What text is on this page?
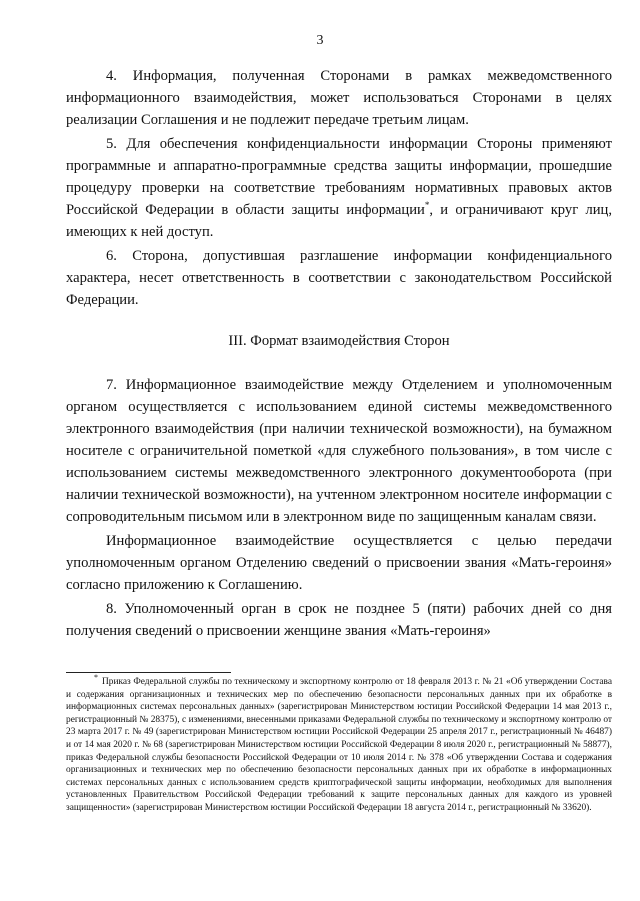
3

4. Информация, полученная Сторонами в рамках межведомственного информационного взаимодействия, может использоваться Сторонами в целях реализации Соглашения и не подлежит передаче третьим лицам.

5. Для обеспечения конфиденциальности информации Стороны применяют программные и аппаратно-программные средства защиты информации, прошедшие процедуру проверки на соответствие требованиям нормативных правовых актов Российской Федерации в области защиты информации*, и ограничивают круг лиц, имеющих к ней доступ.

6. Сторона, допустившая разглашение информации конфиденциального характера, несет ответственность в соответствии с законодательством Российской Федерации.

III. Формат взаимодействия Сторон

7. Информационное взаимодействие между Отделением и уполномоченным органом осуществляется с использованием единой системы межведомственного электронного взаимодействия (при наличии технической возможности), на бумажном носителе с ограничительной пометкой «для служебного пользования», в том числе с использованием системы межведомственного электронного документооборота (при наличии технической возможности), на учтенном электронном носителе информации с сопроводительным письмом или в электронном виде по защищенным каналам связи.

Информационное взаимодействие осуществляется с целью передачи уполномоченным органом Отделению сведений о присвоении звания «Мать-героиня» согласно приложению к Соглашению.

8. Уполномоченный орган в срок не позднее 5 (пяти) рабочих дней со дня получения сведений о присвоении женщине звания «Мать-героиня»

* Приказ Федеральной службы по техническому и экспортному контролю от 18 февраля 2013 г. № 21 «Об утверждении Состава и содержания организационных и технических мер по обеспечению безопасности персональных данных при их обработке в информационных системах персональных данных» (зарегистрирован Министерством юстиции Российской Федерации 14 мая 2013 г., регистрационный № 28375), с изменениями, внесенными приказами Федеральной службы по техническому и экспортному контролю от 23 марта 2017 г. № 49 (зарегистрирован Министерством юстиции Российской Федерации 25 апреля 2017 г., регистрационный № 46487) и от 14 мая 2020 г. № 68 (зарегистрирован Министерством юстиции Российской Федерации 8 июля 2020 г., регистрационный № 58877), приказ Федеральной службы безопасности Российской Федерации от 10 июля 2014 г. № 378 «Об утверждении Состава и содержания организационных и технических мер по обеспечению безопасности персональных данных при их обработке в информационных системах персональных данных с использованием средств криптографической защиты информации, необходимых для выполнения установленных Правительством Российской Федерации требований к защите персональных данных для каждого из уровней защищенности» (зарегистрирован Министерством юстиции Российской Федерации 18 августа 2014 г., регистрационный № 33620).
